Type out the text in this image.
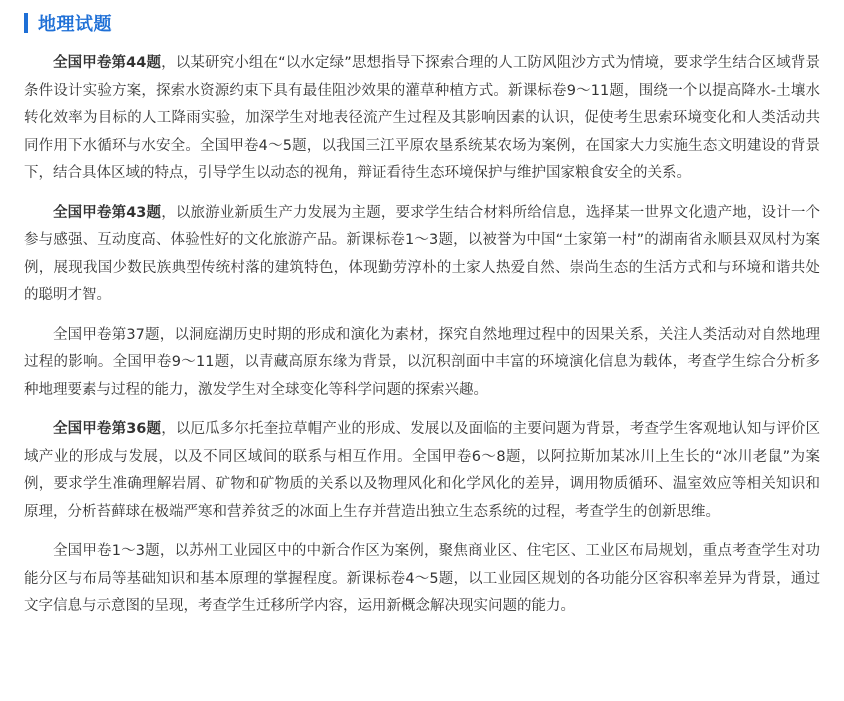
地理试题

全国甲卷第44题，以某研究小组在“以水定绿”思想指导下探索合理的人工防风阻沙方式为情境，要求学生结合区域背景条件设计实验方案，探索水资源约束下具有最佳阻沙效果的灌草种植方式。新课标卷9～11题，围绕一个以提高降水-土壤水转化效率为目标的人工降雨实验，加深学生对地表径流产生过程及其影响因素的认识，促使考生思索环境变化和人类活动共同作用下水循环与水安全。全国甲卷4～5题，以我国三江平原农垦系统某农场为案例，在国家大力实施生态文明建设的背景下，结合具体区域的特点，引导学生以动态的视角，辩证看待生态环境保护与维护国家粮食安全的关系。

全国甲卷第43题，以旅游业新质生产力发展为主题，要求学生结合材料所给信息，选择某一世界文化遗产地，设计一个参与感强、互动度高、体验性好的文化旅游产品。新课标卷1～3题，以被誉为中国“土家第一村”的湖南省永顺县双凤村为案例，展现我国少数民族典型传统村落的建筑特色，体现勤劳淳朴的土家人热爱自然、崇尚生态的生活方式和与环境和谐共处的聪明才智。

全国甲卷第37题，以洞庭湖历史时期的形成和演化为素材，探究自然地理过程中的因果关系，关注人类活动对自然地理过程的影响。全国甲卷9～11题，以青藏高原东缘为背景，以沉积剖面中丰富的环境演化信息为载体，考查学生综合分析多种地理要素与过程的能力，激发学生对全球变化等科学问题的探索兴趣。

全国甲卷第36题，以厄瓜多尔托奎拉草帽产业的形成、发展以及面临的主要问题为背景，考查学生客观地认知与评价区域产业的形成与发展，以及不同区域间的联系与相互作用。全国甲卷6～8题，以阿拉斯加某冰川上生长的“冰川老鼠”为案例，要求学生准确理解岩屑、矿物和矿物质的关系以及物理风化和化学风化的差异，调用物质循环、温室效应等相关知识和原理，分析苔藓球在极端严寒和营养贫乏的冰面上生存并营造出独立生态系统的过程，考查学生的创新思维。

全国甲卷1～3题，以苏州工业园区中的中新合作区为案例，聚焦商业区、住宅区、工业区布局规划，重点考查学生对功能分区与布局等基础知识和基本原理的掌握程度。新课标卷4～5题，以工业园区规划的各功能分区容积率差异为背景，通过文字信息与示意图的呈现，考查学生迁移所学内容，运用新概念解决现实问题的能力。
